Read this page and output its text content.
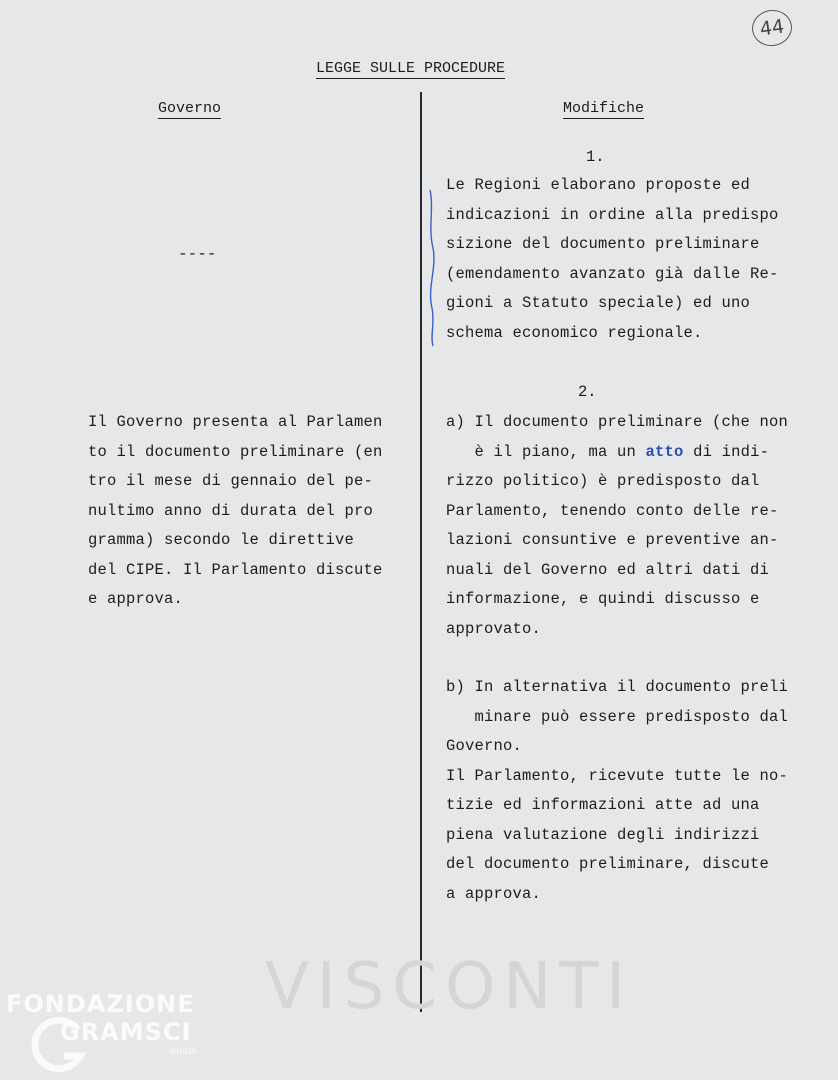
44
LEGGE SULLE PROCEDURE
Governo	Modifiche
----
Il Governo presenta al Parlamen
to il documento preliminare (en
tro il mese di gennaio del pe-
nultimo anno di durata del pro
gramma) secondo le direttive
del CIPE. Il Parlamento discute
e approva.
1.
Le Regioni elaborano proposte ed
indicazioni in ordine alla predispo
sizione del documento preliminare
(emendamento avanzato già dalle Re-
gioni a Statuto speciale) ed uno
schema economico regionale.
2.
a) Il documento preliminare (che non
è il piano, ma un atto di indi-
rizzo politico) è predisposto dal
Parlamento, tenendo conto delle re-
lazioni consuntive e preventive an-
nuali del Governo ed altri dati di
informazione, e quindi discusso e
approvato.
b) In alternativa il documento preli
minare può essere predisposto dal
Governo.
Il Parlamento, ricevute tutte le no-
tizie ed informazioni atte ad una
piena valutazione degli indirizzi
del documento preliminare, discute
a approva.
VISCONTI
FONDAZIONE
GRAMSCI
onlus
